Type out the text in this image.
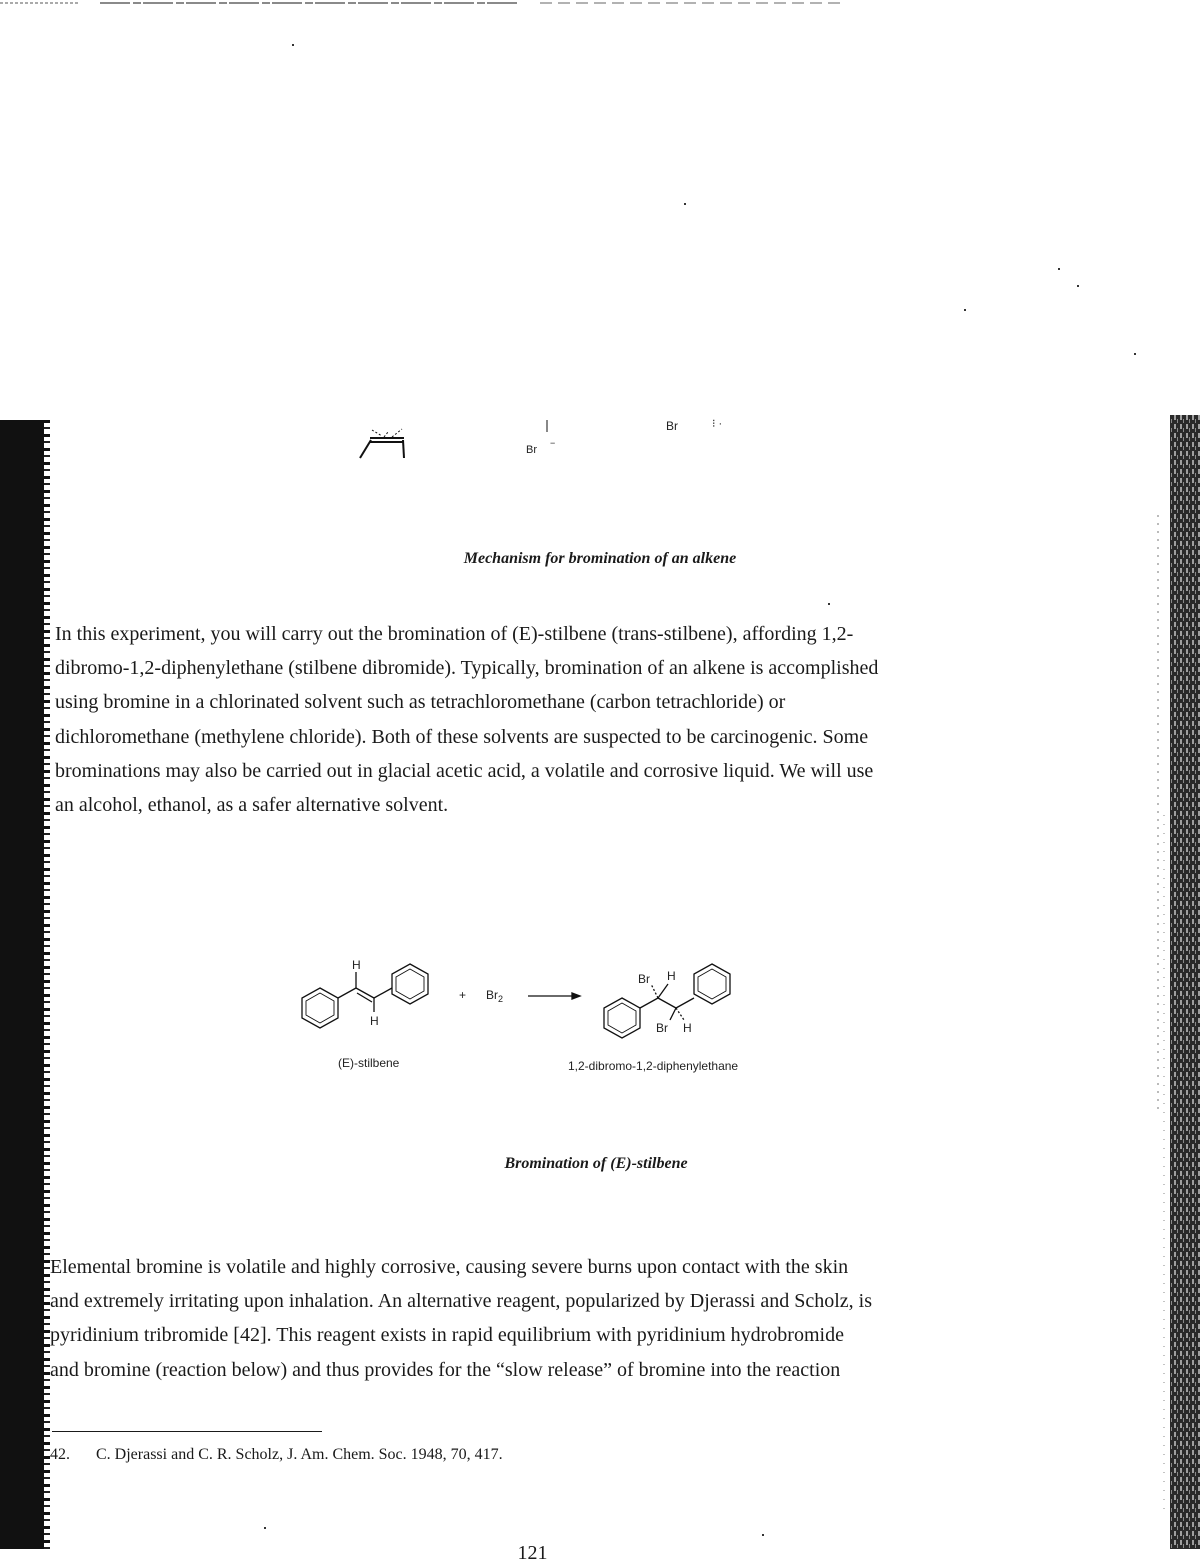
Br
−
Br	⁝ ·
Mechanism for bromination of an alkene
In this experiment, you will carry out the bromination of (E)-stilbene (trans-stilbene), affording 1,2-
dibromo-1,2-diphenylethane (stilbene dibromide). Typically, bromination of an alkene is accomplished
using bromine in a chlorinated solvent such as tetrachloromethane (carbon tetrachloride) or
dichloromethane (methylene chloride). Both of these solvents are suspected to be carcinogenic. Some
brominations may also be carried out in glacial acetic acid, a volatile and corrosive liquid. We will use
an alcohol, ethanol, as a safer alternative solvent.
H
H
+ $Br_2$
Br H
Br H
(E)-stilbene	1,2-dibromo-1,2-diphenylethane
Bromination of (E)-stilbene
Elemental bromine is volatile and highly corrosive, causing severe burns upon contact with the skin
and extremely irritating upon inhalation. An alternative reagent, popularized by Djerassi and Scholz, is
pyridinium tribromide [42]. This reagent exists in rapid equilibrium with pyridinium hydrobromide
and bromine (reaction below) and thus provides for the “slow release” of bromine into the reaction
42. C. Djerassi and C. R. Scholz, J. Am. Chem. Soc. 1948, 70, 417.
121
